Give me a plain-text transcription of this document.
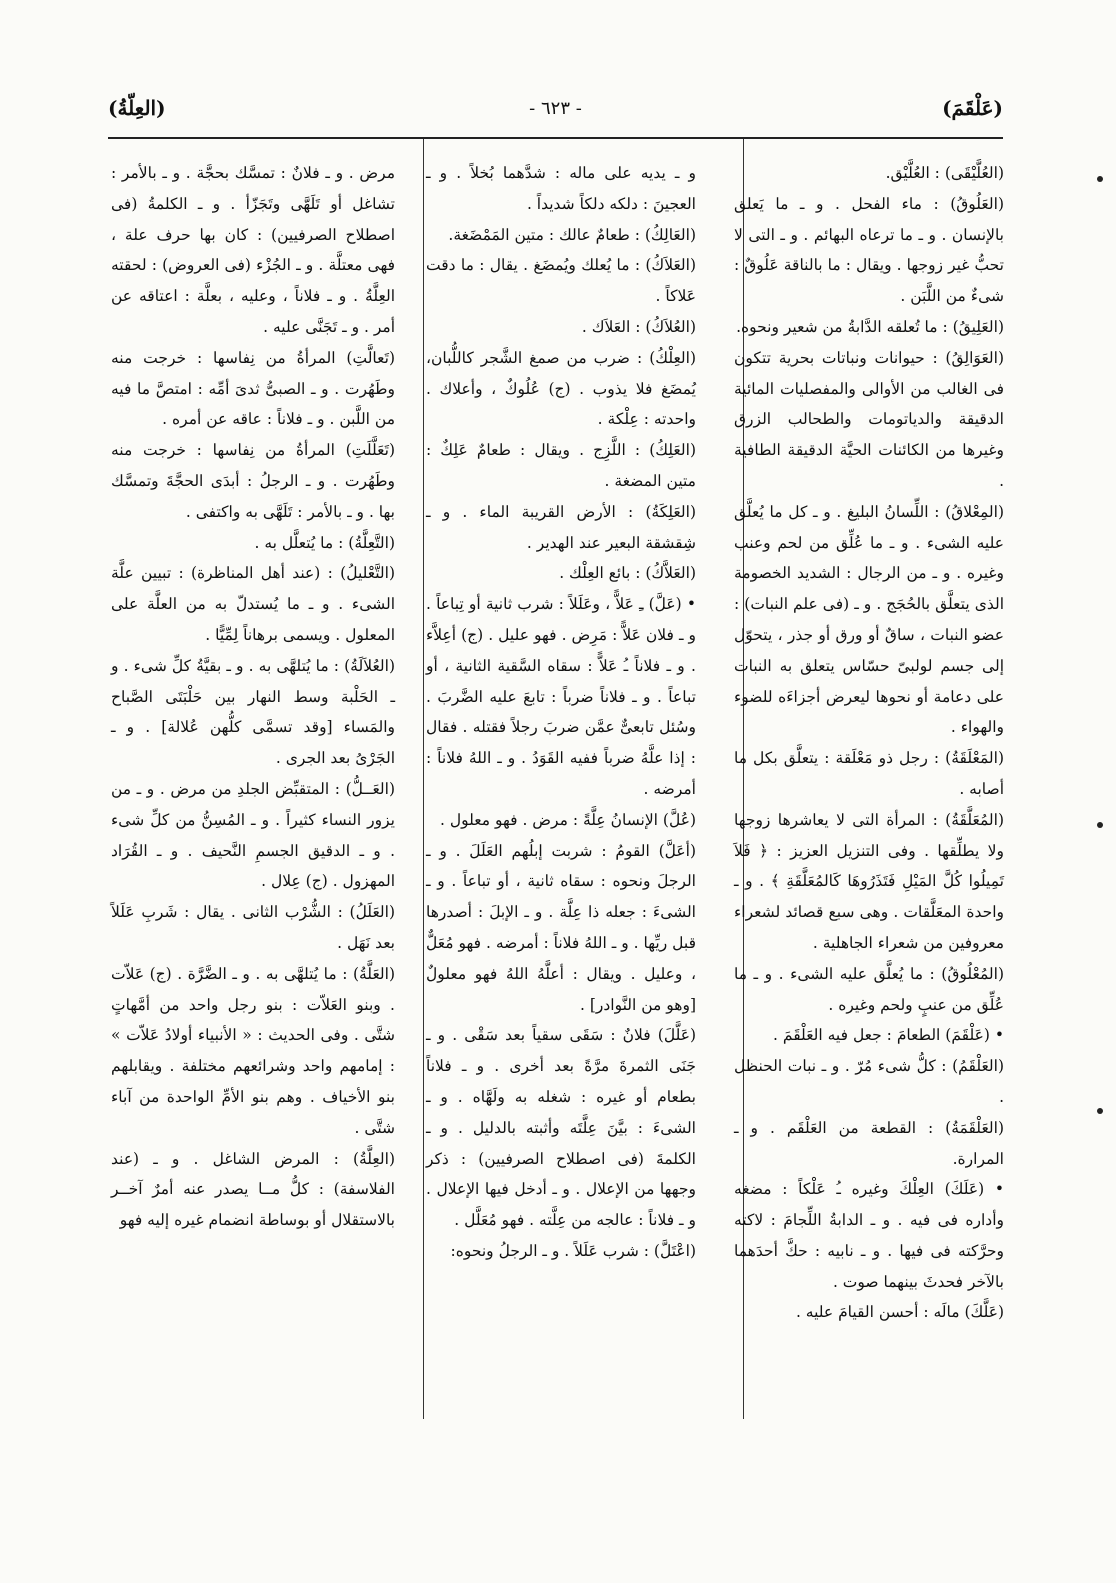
(عَلْقَمَ)
- ٦٢٣ -
(العِلّةُ)

(العُلَّيْقَى) : العُلَّيْق.

(العَلُوقُ) : ماء الفحل . و ـ ما يَعلق بالإنسان . و ـ ما ترعاه البهائم . و ـ التى لا تحبُّ غير زوجها . ويقال : ما بالناقة عَلُوقٌ : شىءٌ من اللَّبَن .

(العَلِيقُ) : ما تُعلقه الدَّابةُ من شعير ونحوه.

(العَوَالِقُ) : حيوانات ونباتات بحرية تتكون فى الغالب من الأوالى والمفصليات المائية الدقيقة والدياتومات والطحالب الزرق وغيرها من الكائنات الحيَّة الدقيقة الطافية .

(المِعْلاقُ) : اللِّسانُ البليغ . و ـ كل ما يُعلَّق عليه الشىء . و ـ ما عُلِّق من لحم وعنب وغيره . و ـ من الرجال : الشديد الخصومة الذى يتعلَّق بالحُجَج . و ـ (فى علم النبات) : عضو النبات ، ساقٌ أو ورق أو جذر ، يتحوّل إلى جسم لولبىّ حسّاس يتعلق به النبات على دعامة أو نحوها ليعرض أجزاءَه للضوء والهواء .

(المَعْلَقَةُ) : رجل ذو مَعْلَقة : يتعلَّق بكل ما أصابه .

(المُعَلَّقَةُ) : المرأة التى لا يعاشرها زوجها ولا يطلِّقها . وفى التنزيل العزيز : ﴿ فَلاَ تَمِيلُوا كُلَّ المَيْلِ فَتَذَرُوهَا كَالمُعَلَّقَةِ ﴾ . و ـ واحدة المعَلَّقات . وهى سبع قصائد لشعراء معروفين من شعراء الجاهلية .

(المُعْلُوقُ) : ما يُعلَّق عليه الشىء . و ـ ما عُلِّق من عنبٍ ولحم وغيره .

• (عَلْقَمَ) الطعامَ : جعل فيه العَلْقَمَ .

(العَلْقَمُ) : كلُّ شىء مُرّ . و ـ نبات الحنظل .

(العَلْقَمَةُ) : القطعة من العَلْقَم . و ـ المرارة.

• (عَلَكَ) العِلْكَ وغيره ـُ عَلْكاً : مضغه وأداره فى فيه . و ـ الدابةُ اللِّجامَ : لاكته وحرَّكته فى فيها . و ـ نابيه : حكَّ أحدَهما بالآخر فحدثَ بينهما صوت .

(عَلَّكَ) مالَه : أحسن القيامَ عليه .

و ـ يديه على ماله : شدَّهما بُخلاً . و ـ العجينَ : دلكه دلكاً شديداً .

(العَالِكُ) : طعامٌ عالك : متين المَمْضَغة.

(العَلاَكُ) : ما يُعلك ويُمضَغ . يقال : ما دقت عَلاكاً .

(العُلاَكُ) : العَلاَك .

(العِلْكُ) : ضرب من صمغ الشَّجر كاللُّبان، يُمضَغ فلا يذوب . (ج) عُلُوكٌ ، وأعلاك . واحدته : عِلْكة .

(العَلِكُ) : اللَّزِج . ويقال : طعامٌ عَلِكٌ : متين المضغة .

(العَلِكَةُ) : الأرض القريبة الماء . و ـ شِقشقة البعير عند الهدير .

(العَلاَّكُ) : بائع العِلْك .

• (عَلَّ) ـِ عَلاًّ ، وعَلَلاً : شرب ثانية أو تِباعاً . و ـ فلان عَلاًّ : مَرِض . فهو عليل . (ج) أعِلاَّء . و ـ فلاناً ـُ عَلاًّ : سقاه السَّقية الثانية ، أو تباعاً . و ـ فلاناً ضرباً : تابعَ عليه الضَّربَ . وسُئل تابعىٌّ عمَّن ضربَ رجلاً فقتله . فقال : إذا علَّهُ ضرباً ففيه القَوَدُ . و ـ اللهُ فلاناً : أمرضه .

(عُلَّ) الإنسانُ عِلَّةً : مرض . فهو معلول .

(أعَلَّ) القومُ : شربت إبلُهم العَلَلَ . و ـ الرجلَ ونحوه : سقاه ثانية ، أو تباعاً . و ـ الشىءَ : جعله ذا عِلَّة . و ـ الإبلَ : أصدرها قبل ريِّها . و ـ اللهُ فلاناً : أمرضه . فهو مُعَلٌّ ، وعليل . ويقال : أعلَّهُ اللهُ فهو معلولٌ [وهو من النَّوادر] .

(عَلَّلَ) فلانٌ : سَقَى سقياً بعد سَقْى . و ـ جَنَى الثمرةَ مرَّةً بعد أخرى . و ـ فلاناً بطعام أو غيره : شغله به ولَهَّاه . و ـ الشىءَ : بيَّنَ عِلَّتَه وأثبته بالدليل . و ـ الكلمةَ (فى اصطلاح الصرفيين) : ذكر وجهها من الإعلال . و ـ أدخل فيها الإعلال . و ـ فلاناً : عالجه من عِلَّته . فهو مُعَلَّل .

(اعْتَلَّ) : شرب عَلَلاً . و ـ الرجلُ ونحوه:

مرض . و ـ فلانٌ : تمسَّك بحجَّة . و ـ بالأمر : تشاغل أو تَلَهَّى وتَجَزّأ . و ـ الكلمةُ (فى اصطلاح الصرفيين) : كان بها حرف علة ، فهى معتلَّة . و ـ الجُزْء (فى العروض) : لحقته العِلَّةُ . و ـ فلاناً ، وعليه ، بعلَّة : اعتاقه عن أمر . و ـ تَجَنَّى عليه .

(تَعالَّتِ) المرأةُ من نِفاسها : خرجت منه وطَهُرت . و ـ الصبىُّ ثدىَ أمِّه : امتصَّ ما فيه من اللَّبن . و ـ فلاناً : عاقه عن أمره .

(تَعَلَّلَتِ) المرأةُ من نِفاسها : خرجت منه وطَهُرت . و ـ الرجلُ : أبدَى الحجَّةَ وتمسَّك بها . و ـ بالأمر : تَلَهَّى به واكتفى .

(التَّعِلَّةُ) : ما يُتعلَّل به .

(التَّعْليلُ) : (عند أهل المناظرة) : تبيين علَّة الشىء . و ـ ما يُستدلّ به من العلَّة على المعلول . ويسمى برهاناً لِمِّيًّا .

(العُلاَلَةُ) : ما يُتلهَّى به . و ـ بقيَّةُ كلِّ شىء . و ـ الحَلْبة وسط النهار بين حَلْبَتَى الصَّباح والمَساء [وقد تسمَّى كلُّهن عُلالة] . و ـ الجَرْىُ بعد الجرى .

(العَــلُّ) : المتقبِّض الجلدِ من مرض . و ـ من يزور النساء كثيراً . و ـ المُسِنُّ من كلِّ شىء . و ـ الدقيق الجسمِ النَّحيف . و ـ القُرَاد المهزول . (ج) عِلال .

(العَلَلُ) : الشُّرْب الثانى . يقال : شَربِ عَلَلاً بعد نَهَل .

(العَلَّةُ) : ما يُتلهَّى به . و ـ الضَّرَّة . (ج) عَلاّت . وبنو العَلاّت : بنو رجل واحد من أمَّهاتٍ شتَّى . وفى الحديث : « الأنبياء أولادُ عَلاّت » : إمامهم واحد وشرائعهم مختلفة . ويقابلهم بنو الأخياف . وهم بنو الأمِّ الواحدة من آباء شتَّى .

(العِلَّةُ) : المرض الشاغل . و ـ (عند الفلاسفة) : كلُّ مــا يصدر عنه أمرٌ آخــر بالاستقلال أو بوساطة انضمام غيره إليه فهو
